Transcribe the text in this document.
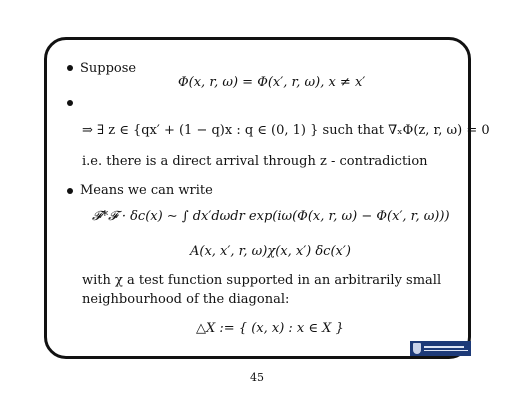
Suppose
Φ(x, r, ω) = Φ(x′, r, ω), x ≠ x′
⇒ ∃ z ∈ {qx′ + (1 − q)x : q ∈ (0, 1) } such that ∇ₓΦ(z, r, ω) = 0
i.e. there is a direct arrival through z - contradiction
Means we can write
𝓕*𝓕 · δc(x) ∼ ∫ dx′dωdr exp(iω(Φ(x, r, ω) − Φ(x′, r, ω)))
A(x, x′, r, ω)χ(x, x′) δc(x′)
with χ a test function supported in an arbitrarily small
neighbourhood of the diagonal:
△X := { (x, x) : x ∈ X }
45
